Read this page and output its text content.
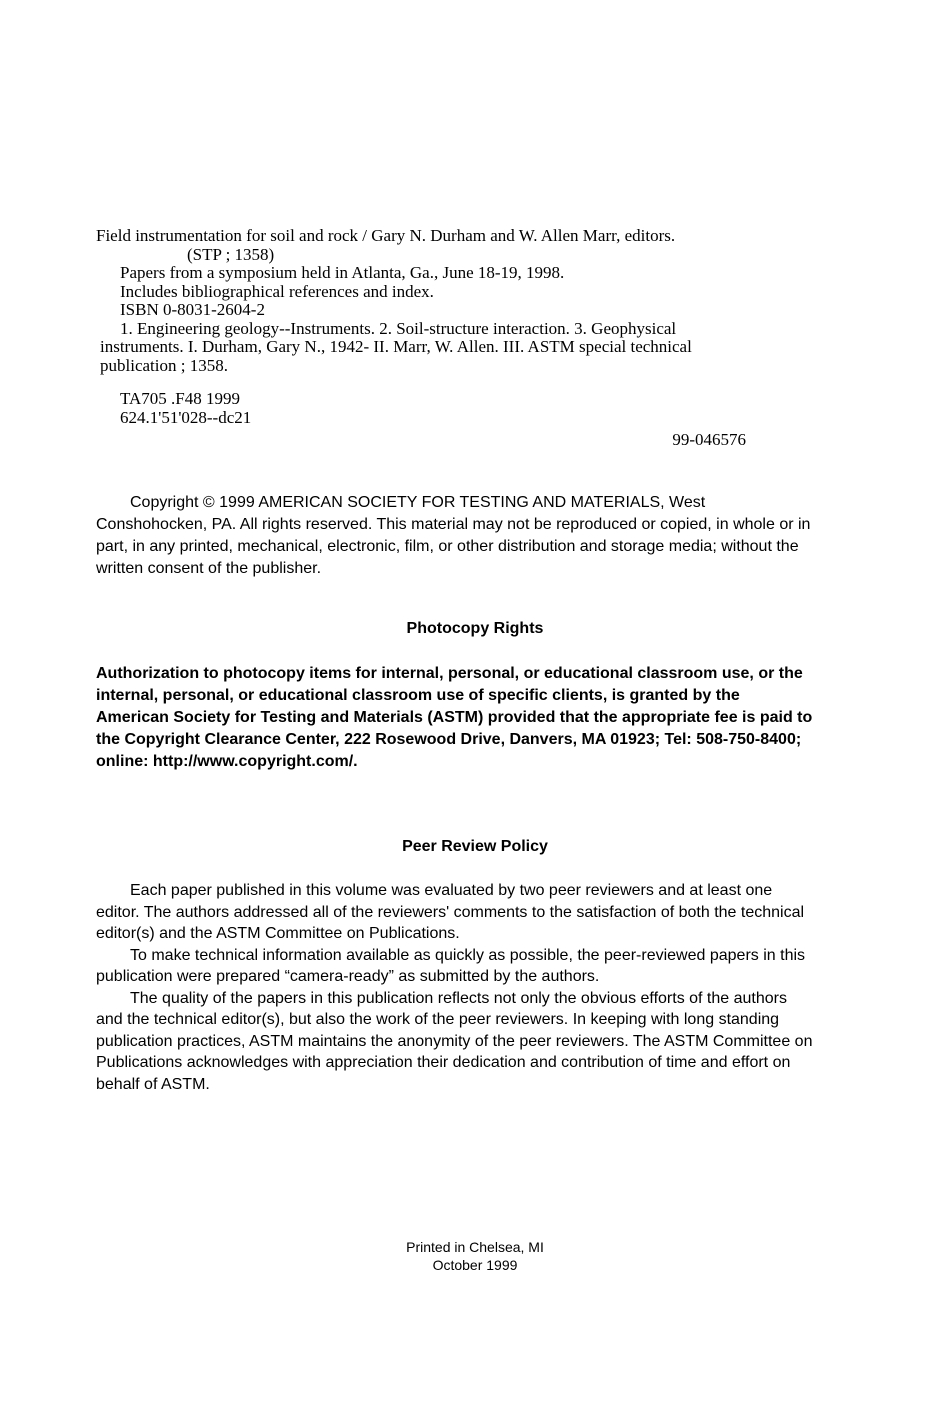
Field instrumentation for soil and rock / Gary N. Durham and W. Allen Marr, editors.
(STP ; 1358)
Papers from a symposium held in Atlanta, Ga., June 18-19, 1998.
Includes bibliographical references and index.
ISBN 0-8031-2604-2
1. Engineering geology--Instruments. 2. Soil-structure interaction. 3. Geophysical
instruments. I. Durham, Gary N., 1942- II. Marr, W. Allen. III. ASTM special technical
publication ; 1358.
TA705 .F48 1999
624.1'51'028--dc21
99-046576
Copyright © 1999 AMERICAN SOCIETY FOR TESTING AND MATERIALS, West
Conshohocken, PA. All rights reserved. This material may not be reproduced or copied, in whole or in
part, in any printed, mechanical, electronic, film, or other distribution and storage media; without the
written consent of the publisher.
Photocopy Rights
Authorization to photocopy items for internal, personal, or educational classroom use, or the
internal, personal, or educational classroom use of specific clients, is granted by the
American Society for Testing and Materials (ASTM) provided that the appropriate fee is paid to
the Copyright Clearance Center, 222 Rosewood Drive, Danvers, MA 01923; Tel: 508-750-8400;
online: http://www.copyright.com/.
Peer Review Policy
Each paper published in this volume was evaluated by two peer reviewers and at least one
editor. The authors addressed all of the reviewers' comments to the satisfaction of both the technical
editor(s) and the ASTM Committee on Publications.
To make technical information available as quickly as possible, the peer-reviewed papers in this
publication were prepared “camera-ready” as submitted by the authors.
The quality of the papers in this publication reflects not only the obvious efforts of the authors
and the technical editor(s), but also the work of the peer reviewers. In keeping with long standing
publication practices, ASTM maintains the anonymity of the peer reviewers. The ASTM Committee on
Publications acknowledges with appreciation their dedication and contribution of time and effort on
behalf of ASTM.
Printed in Chelsea, MI
October 1999
